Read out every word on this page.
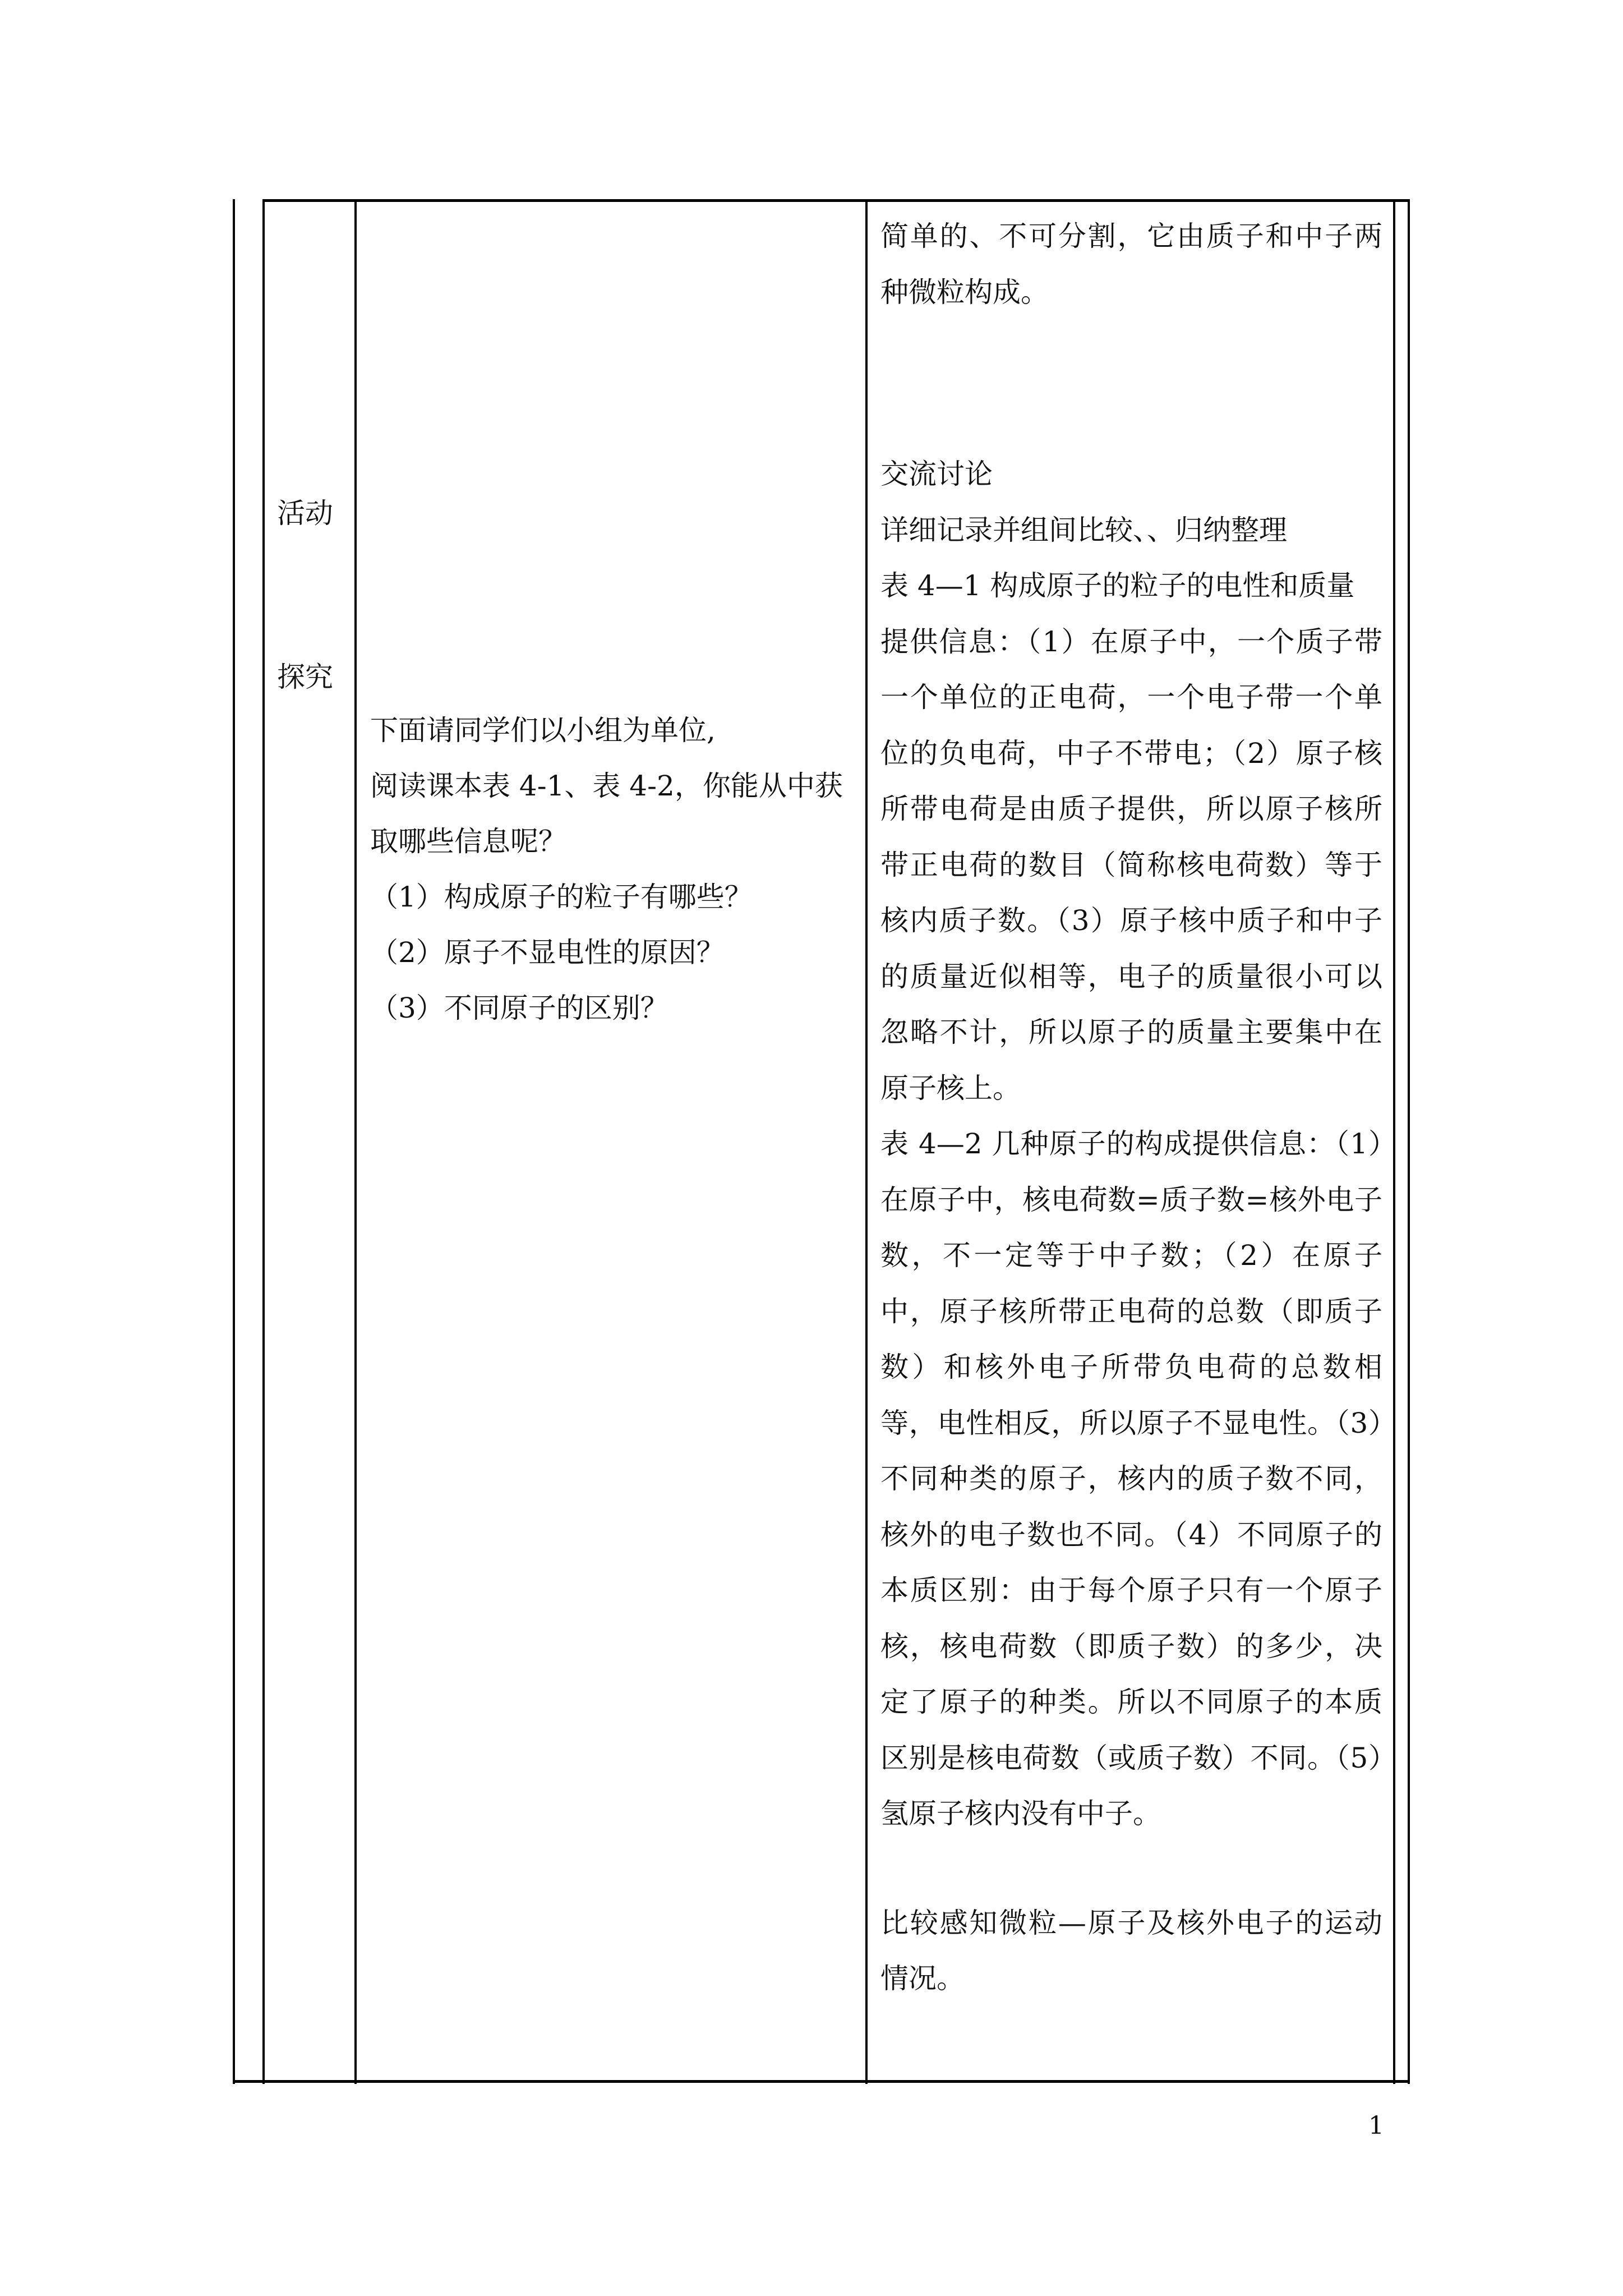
活动
探究

下面请同学们以小组为单位,

阅读课本表 4-1、表 4-2，你能从中获取哪些信息呢？

（1）构成原子的粒子有哪些？

（2）原子不显电性的原因？

（3）不同原子的区别？

简单的、不可分割，它由质子和中子两种微粒构成。

交流讨论

详细记录并组间比较、、归纳整理

表 4—1 构成原子的粒子的电性和质量

提供信息：（1）在原子中，一个质子带一个单位的正电荷，一个电子带一个单位的负电荷，中子不带电；（2）原子核所带电荷是由质子提供，所以原子核所带正电荷的数目（简称核电荷数）等于核内质子数。（3）原子核中质子和中子的质量近似相等，电子的质量很小可以忽略不计，所以原子的质量主要集中在原子核上。

表 4—2 几种原子的构成提供信息：（1）在原子中，核电荷数=质子数=核外电子数，不一定等于中子数；（2）在原子中，原子核所带正电荷的总数（即质子数）和核外电子所带负电荷的总数相等，电性相反，所以原子不显电性。（3）不同种类的原子，核内的质子数不同，核外的电子数也不同。（4）不同原子的本质区别：由于每个原子只有一个原子核，核电荷数（即质子数）的多少，决定了原子的种类。所以不同原子的本质区别是核电荷数（或质子数）不同。（5）氢原子核内没有中子。

比较感知微粒—原子及核外电子的运动情况。

1
